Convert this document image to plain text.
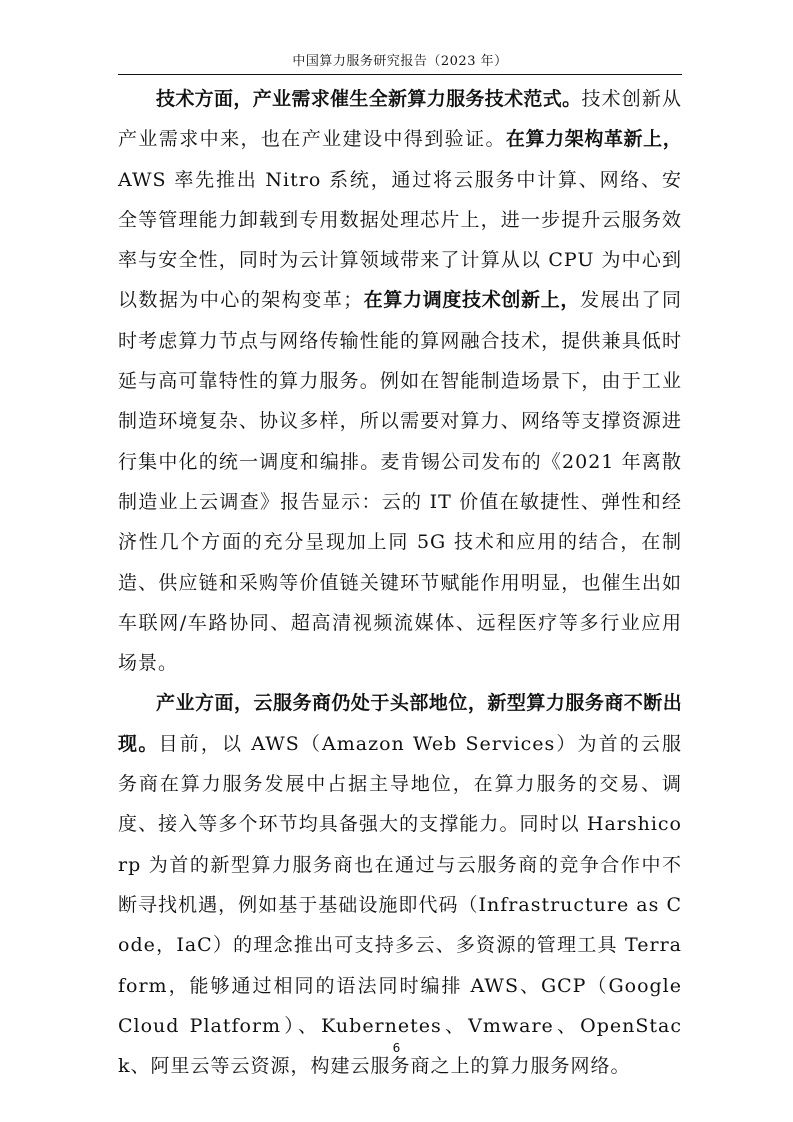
中国算力服务研究报告（2023 年）

技术方面，产业需求催生全新算力服务技术范式。技术创新从产业需求中来，也在产业建设中得到验证。在算力架构革新上，AWS 率先推出 Nitro 系统，通过将云服务中计算、网络、安全等管理能力卸载到专用数据处理芯片上，进一步提升云服务效率与安全性，同时为云计算领域带来了计算从以 CPU 为中心到以数据为中心的架构变革；在算力调度技术创新上，发展出了同时考虑算力节点与网络传输性能的算网融合技术，提供兼具低时延与高可靠特性的算力服务。例如在智能制造场景下，由于工业制造环境复杂、协议多样，所以需要对算力、网络等支撑资源进行集中化的统一调度和编排。麦肯锡公司发布的《2021 年离散制造业上云调查》报告显示：云的 IT 价值在敏捷性、弹性和经济性几个方面的充分呈现加上同 5G 技术和应用的结合，在制造、供应链和采购等价值链关键环节赋能作用明显，也催生出如车联网/车路协同、超高清视频流媒体、远程医疗等多行业应用场景。

产业方面，云服务商仍处于头部地位，新型算力服务商不断出现。目前，以 AWS（Amazon Web Services）为首的云服务商在算力服务发展中占据主导地位，在算力服务的交易、调度、接入等多个环节均具备强大的支撑能力。同时以 Harshicorp 为首的新型算力服务商也在通过与云服务商的竞争合作中不断寻找机遇，例如基于基础设施即代码（Infrastructure as Code，IaC）的理念推出可支持多云、多资源的管理工具 Terraform，能够通过相同的语法同时编排 AWS、GCP（Google Cloud Platform）、Kubernetes、Vmware、OpenStack、阿里云等云资源，构建云服务商之上的算力服务网络。

6
